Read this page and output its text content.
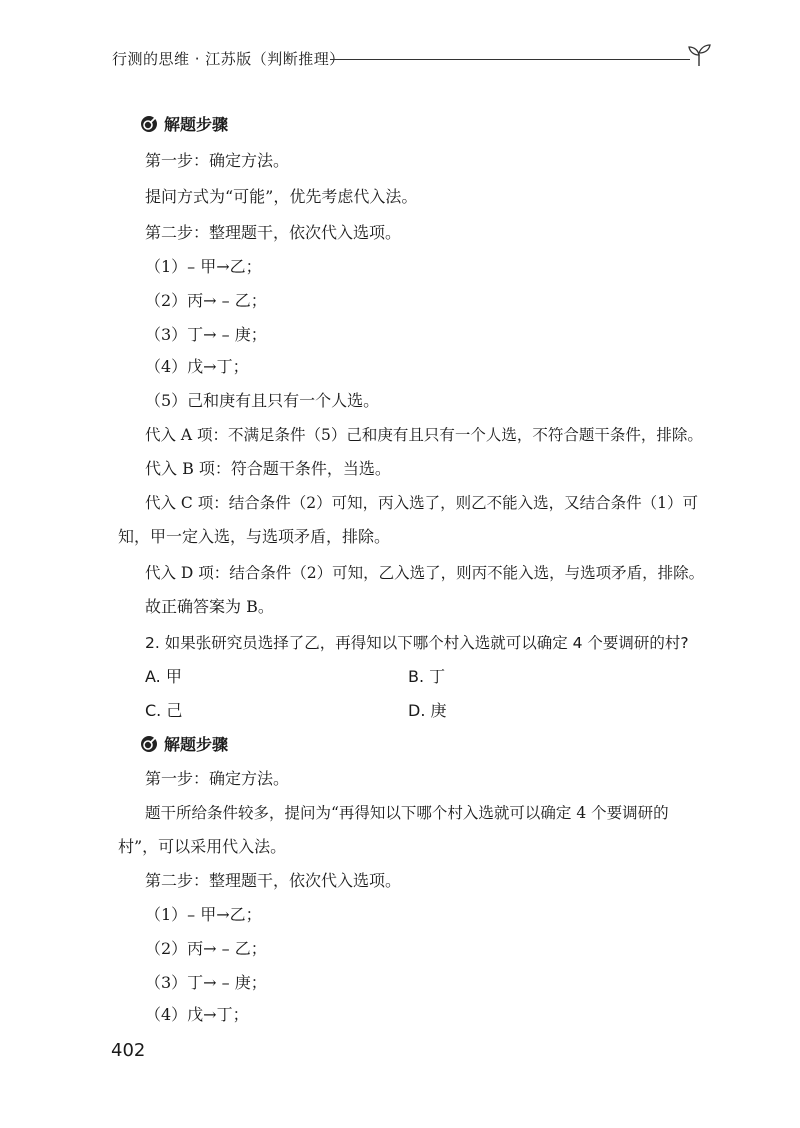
行测的思维 · 江苏版（判断推理）
解题步骤
第一步：确定方法。
提问方式为“可能”，优先考虑代入法。
第二步：整理题干，依次代入选项。
（1）– 甲→乙；
（2）丙→ – 乙；
（3）丁→ – 庚；
（4）戊→丁；
（5）己和庚有且只有一个人选。
代入 A 项：不满足条件（5）己和庚有且只有一个人选，不符合题干条件，排除。
代入 B 项：符合题干条件，当选。
代入 C 项：结合条件（2）可知，丙入选了，则乙不能入选，又结合条件（1）可
知，甲一定入选，与选项矛盾，排除。
代入 D 项：结合条件（2）可知，乙入选了，则丙不能入选，与选项矛盾，排除。
故正确答案为 B。
2. 如果张研究员选择了乙，再得知以下哪个村入选就可以确定 4 个要调研的村?
A. 甲	B. 丁
C. 己	D. 庚
解题步骤
第一步：确定方法。
题干所给条件较多，提问为“再得知以下哪个村入选就可以确定 4 个要调研的
村”，可以采用代入法。
第二步：整理题干，依次代入选项。
（1）– 甲→乙；
（2）丙→ – 乙；
（3）丁→ – 庚；
（4）戊→丁；
402
